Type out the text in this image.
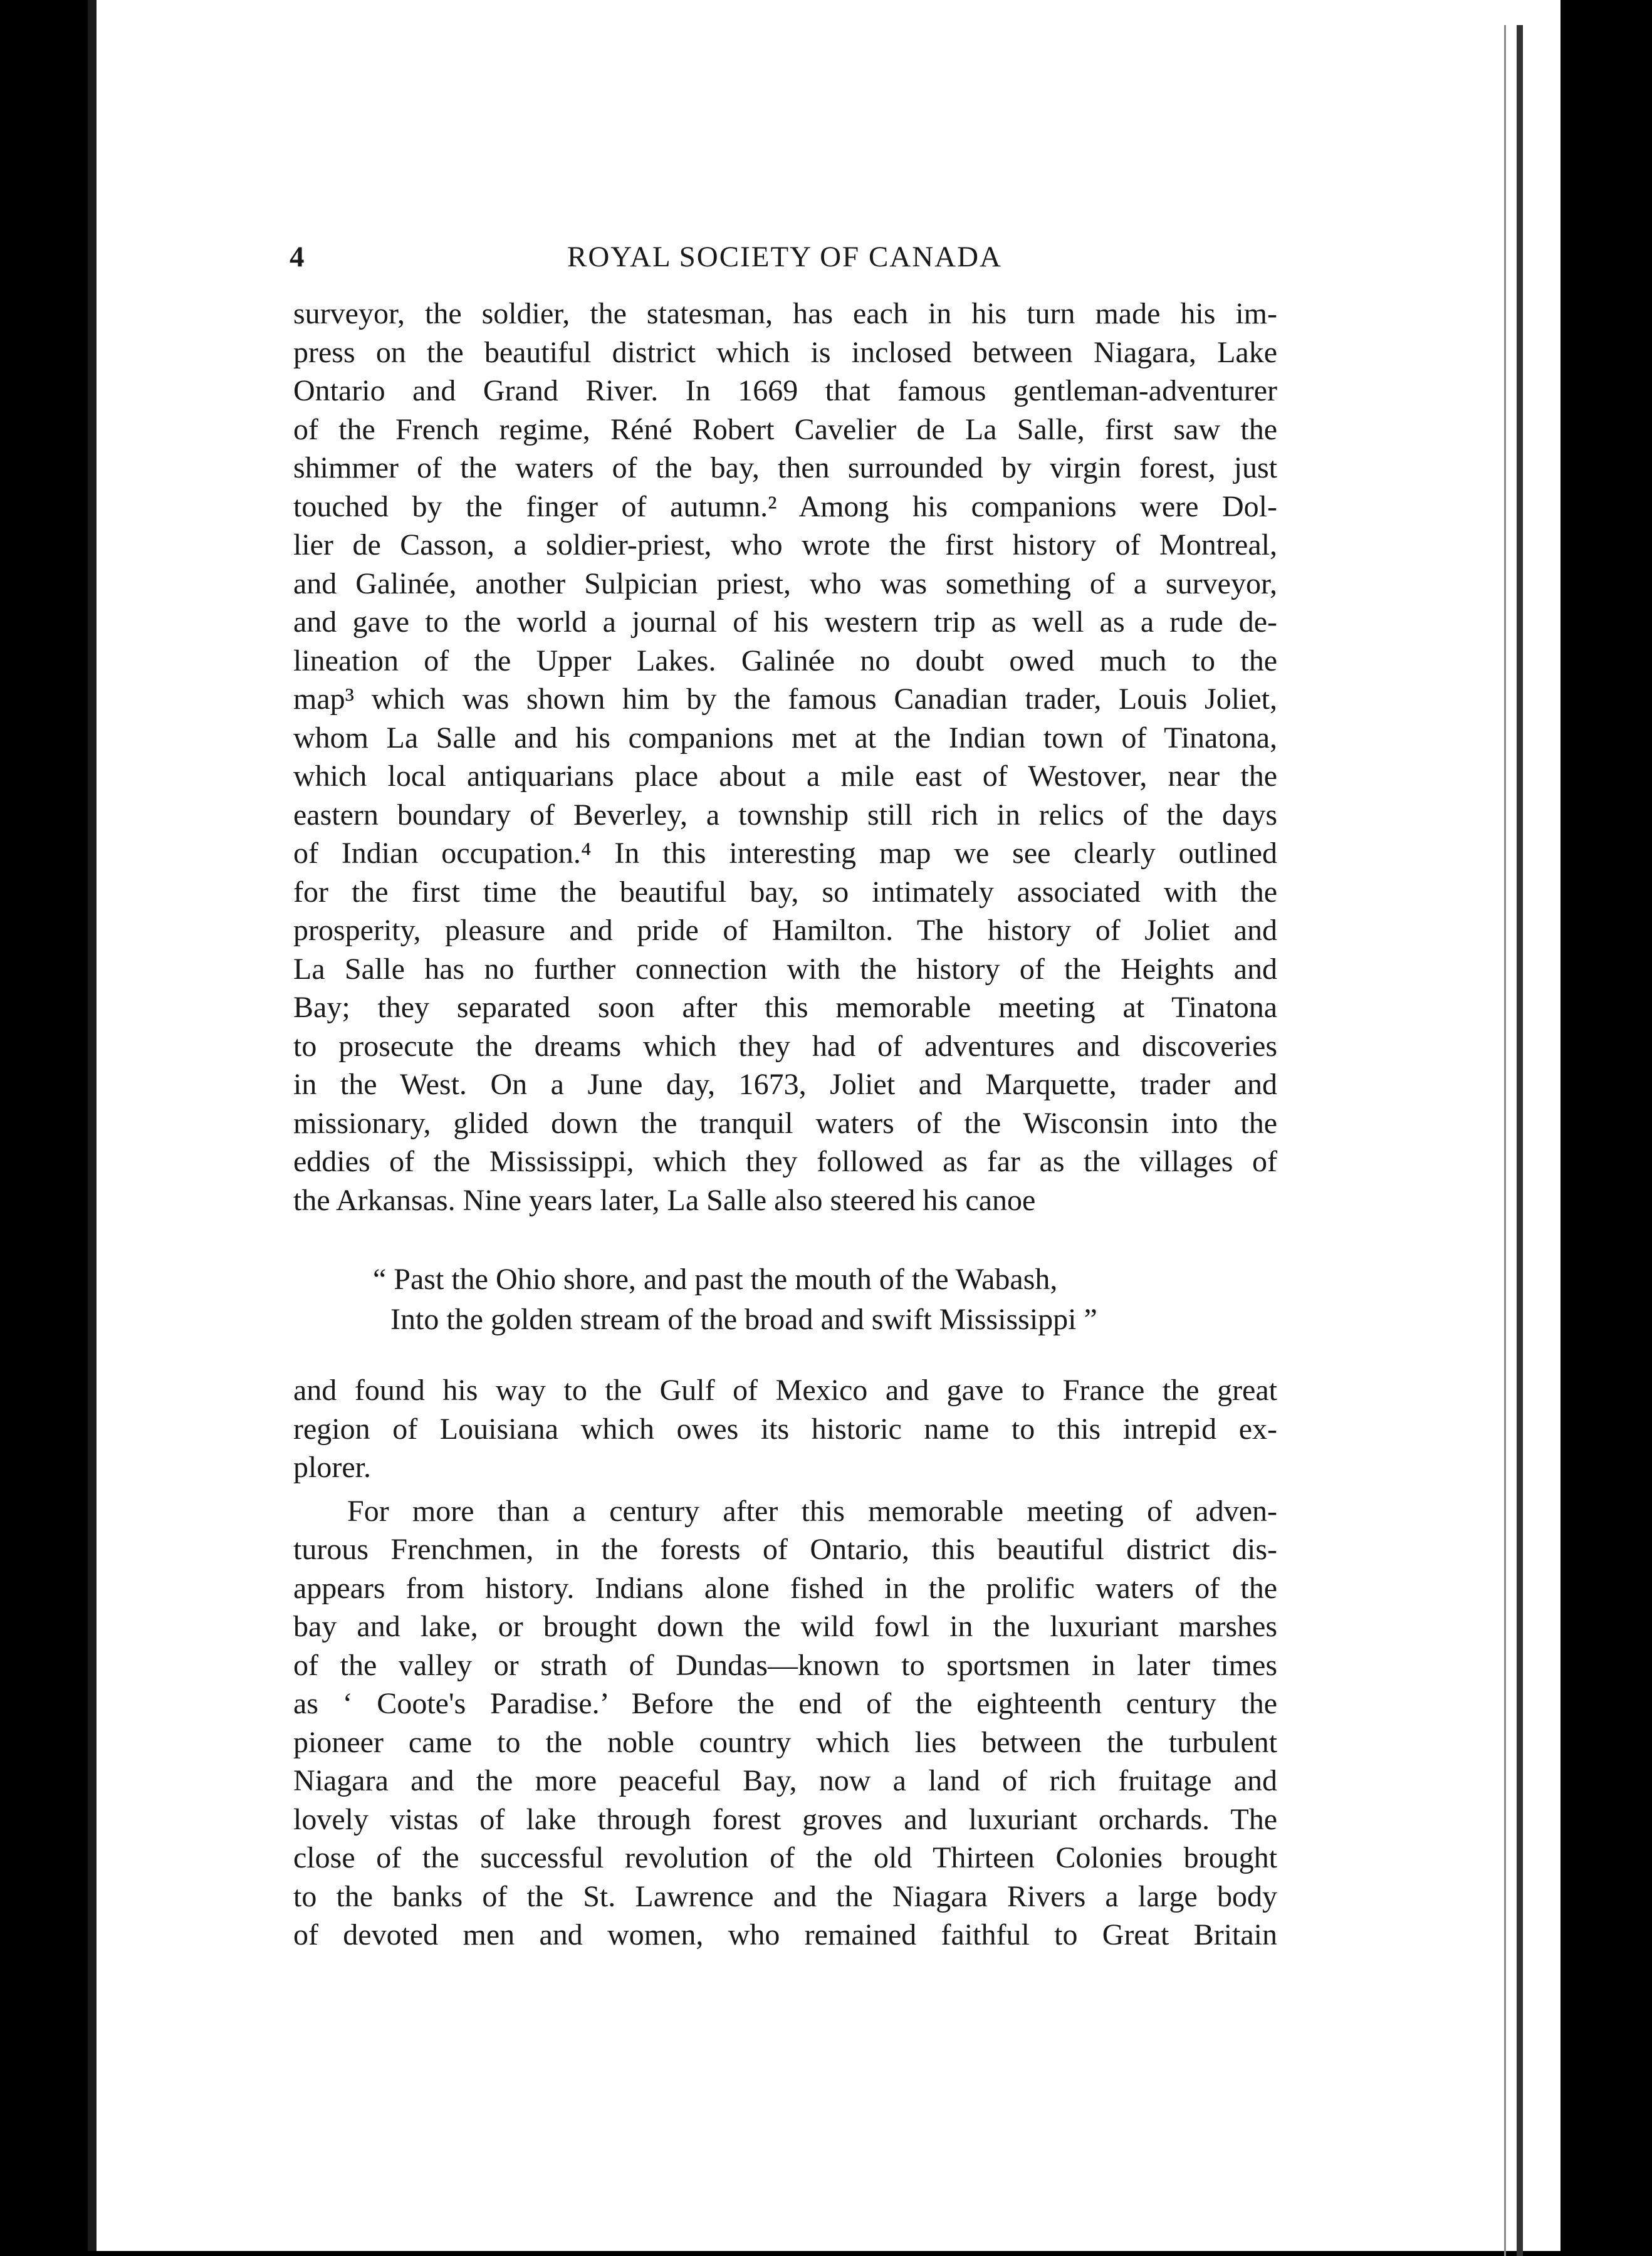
4	ROYAL SOCIETY OF CANADA
surveyor, the soldier, the statesman, has each in his turn made his im-
press on the beautiful district which is inclosed between Niagara, Lake
Ontario and Grand River. In 1669 that famous gentleman-adventurer
of the French regime, Réné Robert Cavelier de La Salle, first saw the
shimmer of the waters of the bay, then surrounded by virgin forest, just
touched by the finger of autumn.² Among his companions were Dol-
lier de Casson, a soldier-priest, who wrote the first history of Montreal,
and Galinée, another Sulpician priest, who was something of a surveyor,
and gave to the world a journal of his western trip as well as a rude de-
lineation of the Upper Lakes. Galinée no doubt owed much to the
map³ which was shown him by the famous Canadian trader, Louis Joliet,
whom La Salle and his companions met at the Indian town of Tinatona,
which local antiquarians place about a mile east of Westover, near the
eastern boundary of Beverley, a township still rich in relics of the days
of Indian occupation.⁴ In this interesting map we see clearly outlined
for the first time the beautiful bay, so intimately associated with the
prosperity, pleasure and pride of Hamilton. The history of Joliet and
La Salle has no further connection with the history of the Heights and
Bay; they separated soon after this memorable meeting at Tinatona
to prosecute the dreams which they had of adventures and discoveries
in the West. On a June day, 1673, Joliet and Marquette, trader and
missionary, glided down the tranquil waters of the Wisconsin into the
eddies of the Mississippi, which they followed as far as the villages of
the Arkansas. Nine years later, La Salle also steered his canoe
“ Past the Ohio shore, and past the mouth of the Wabash,
Into the golden stream of the broad and swift Mississippi ”
and found his way to the Gulf of Mexico and gave to France the great
region of Louisiana which owes its historic name to this intrepid ex-
plorer.
For more than a century after this memorable meeting of adven-
turous Frenchmen, in the forests of Ontario, this beautiful district dis-
appears from history. Indians alone fished in the prolific waters of the
bay and lake, or brought down the wild fowl in the luxuriant marshes
of the valley or strath of Dundas—known to sportsmen in later times
as ‘ Coote's Paradise.’ Before the end of the eighteenth century the
pioneer came to the noble country which lies between the turbulent
Niagara and the more peaceful Bay, now a land of rich fruitage and
lovely vistas of lake through forest groves and luxuriant orchards. The
close of the successful revolution of the old Thirteen Colonies brought
to the banks of the St. Lawrence and the Niagara Rivers a large body
of devoted men and women, who remained faithful to Great Britain
